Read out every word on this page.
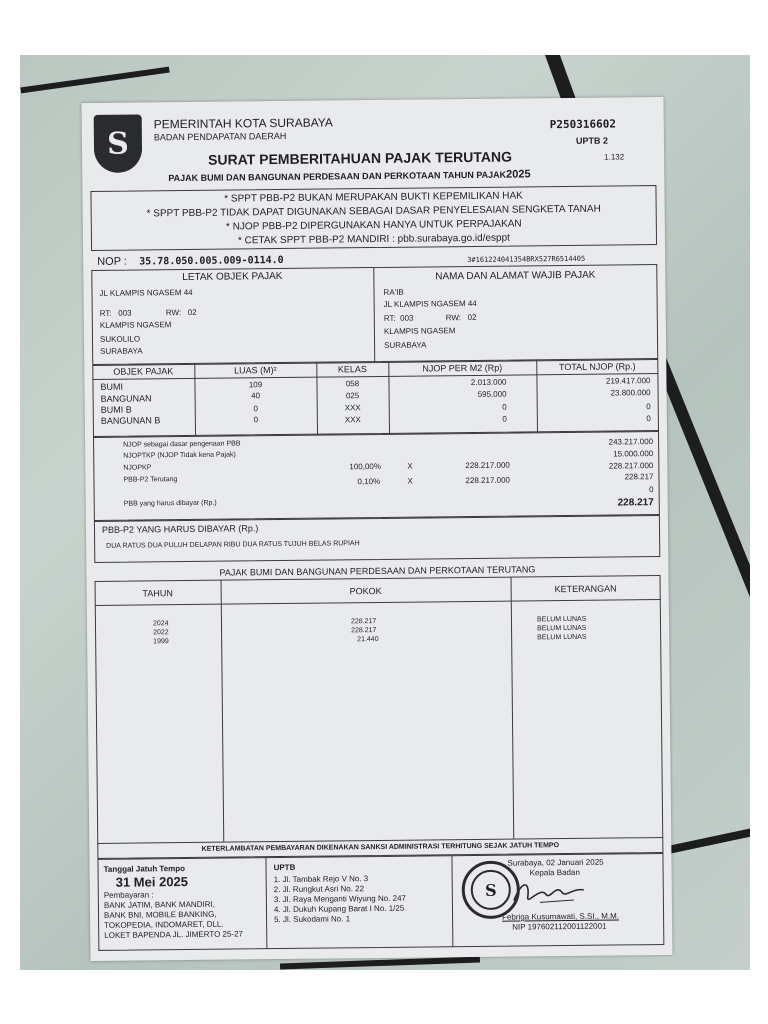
S
PEMERINTAH KOTA SURABAYA
BADAN PENDAPATAN DAERAH
P250316602
UPTB 2
1.132
SURAT PEMBERITAHUAN PAJAK TERUTANG
PAJAK BUMI DAN BANGUNAN PERDESAAN DAN PERKOTAAN TAHUN PAJAK2025
* SPPT PBB-P2 BUKAN MERUPAKAN BUKTI KEPEMILIKAN HAK
* SPPT PBB-P2 TIDAK DAPAT DIGUNAKAN SEBAGAI DASAR PENYELESAIAN SENGKETA TANAH
* NJOP PBB-P2 DIPERGUNAKAN HANYA UNTUK PERPAJAKAN
* CETAK SPPT PBB-P2 MANDIRI : pbb.surabaya.go.id/esppt
NOP : 35.78.050.005.009-0114.0	3#161224041354BRX527R6514405
LETAK OBJEK PAJAK	NAMA DAN ALAMAT WAJIB PAJAK
JL KLAMPIS NGASEM 44
RT: 003	RW: 02
KLAMPIS NGASEM
SUKOLILO
SURABAYA
RA'IB
JL KLAMPIS NGASEM 44
RT: 003	RW: 02
KLAMPIS NGASEM
SURABAYA
OBJEK PAJAK	LUAS (M)²	KELAS	NJOP PER M2 (Rp)	TOTAL NJOP (Rp.)
BUMI	109	058	2.013.000	219.417.000
BANGUNAN	40	025	595.000	23.800.000
BUMI B	0	XXX	0	0
BANGUNAN B	0	XXX	0	0
NJOP sebagai dasar pengenaan PBB	243.217.000
NJOPTKP (NJOP Tidak kena Pajak)	15.000.000
NJOPKP	100,00%	X	228.217.000	228.217.000
PBB-P2 Terutang	0,10%	X	228.217.000	228.217
0
PBB yang harus dibayar (Rp.)	228.217
PBB-P2 YANG HARUS DIBAYAR (Rp.)
DUA RATUS DUA PULUH DELAPAN RIBU DUA RATUS TUJUH BELAS RUPIAH
PAJAK BUMI DAN BANGUNAN PERDESAAN DAN PERKOTAAN TERUTANG
TAHUN	POKOK	KETERANGAN
2024	228.217	BELUM LUNAS
2022	228.217	BELUM LUNAS
1999	21.440	BELUM LUNAS
KETERLAMBATAN PEMBAYARAN DIKENAKAN SANKSI ADMINISTRASI TERHITUNG SEJAK JATUH TEMPO
Tanggal Jatuh Tempo
31 Mei 2025
Pembayaran :
BANK JATIM, BANK MANDIRI,
BANK BNI, MOBILE BANKING,
TOKOPEDIA, INDOMARET, DLL.
LOKET BAPENDA JL. JIMERTO 25-27
UPTB
1. Jl. Tambak Rejo V No. 3
2. Jl. Rungkut Asri No. 22
3. Jl. Raya Menganti Wiyung No. 247
4. Jl. Dukuh Kupang Barat I No. 1/25
5. Jl. Sukodami No. 1
S
Surabaya, 02 Januari 2025
Kepala Badan
Febriga Kusumawati, S.SI., M.M.
NIP 197602112001122001
